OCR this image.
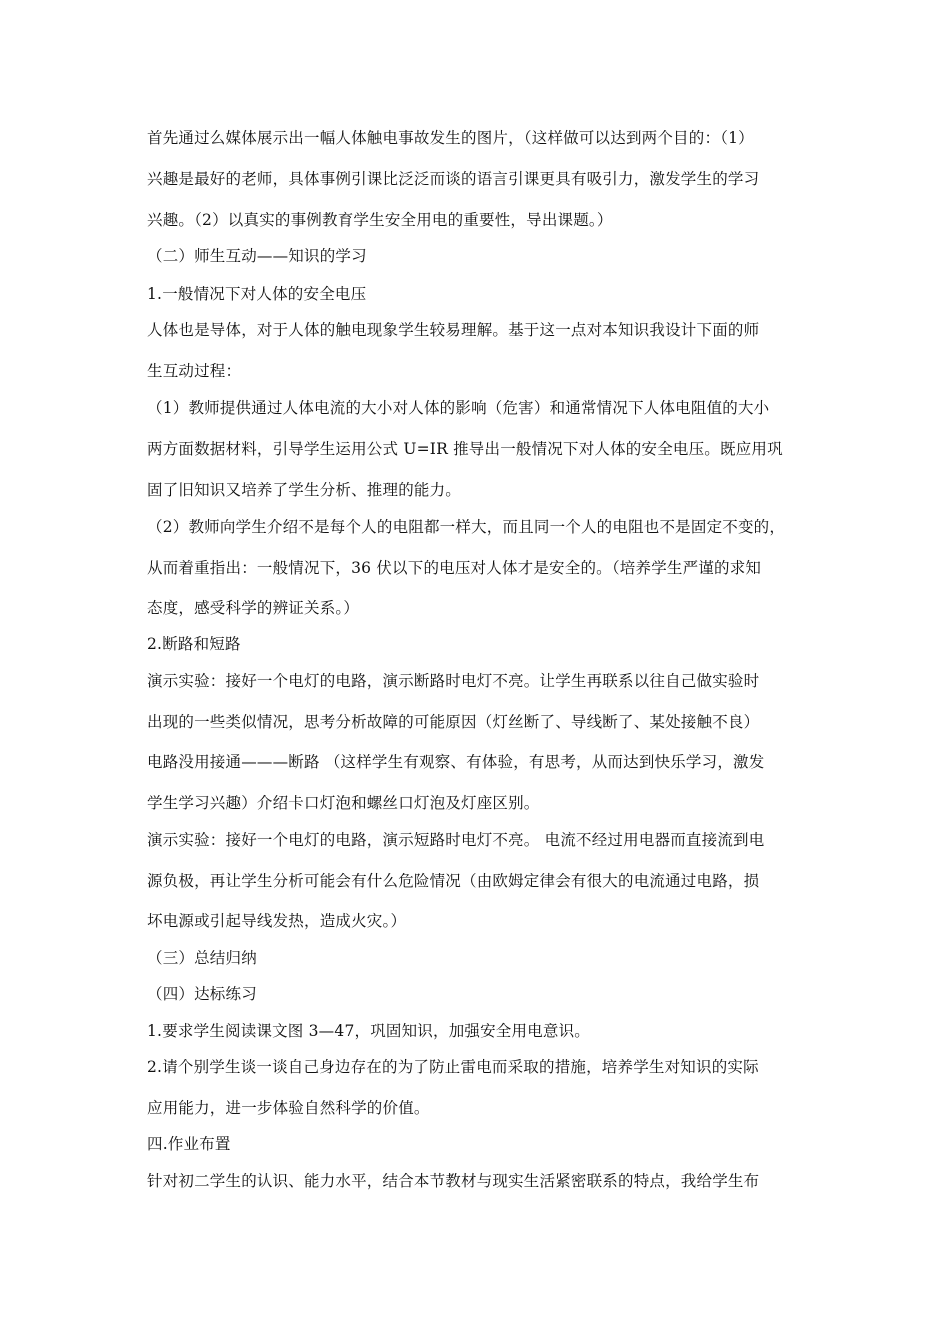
首先通过么媒体展示出一幅人体触电事故发生的图片，（这样做可以达到两个目的：（1）
兴趣是最好的老师，具体事例引课比泛泛而谈的语言引课更具有吸引力，激发学生的学习
兴趣。（2）以真实的事例教育学生安全用电的重要性，导出课题。）
（二）师生互动——知识的学习
1.一般情况下对人体的安全电压
人体也是导体，对于人体的触电现象学生较易理解。基于这一点对本知识我设计下面的师
生互动过程：
（1）教师提供通过人体电流的大小对人体的影响（危害）和通常情况下人体电阻值的大小
两方面数据材料，引导学生运用公式 U=IR 推导出一般情况下对人体的安全电压。既应用巩
固了旧知识又培养了学生分析、推理的能力。
（2）教师向学生介绍不是每个人的电阻都一样大，而且同一个人的电阻也不是固定不变的，
从而着重指出：一般情况下，36 伏以下的电压对人体才是安全的。（培养学生严谨的求知
态度，感受科学的辨证关系。）
2.断路和短路
演示实验：接好一个电灯的电路，演示断路时电灯不亮。让学生再联系以往自己做实验时
出现的一些类似情况，思考分析故障的可能原因（灯丝断了、导线断了、某处接触不良）
电路没用接通———断路 （这样学生有观察、有体验，有思考，从而达到快乐学习，激发
学生学习兴趣）介绍卡口灯泡和螺丝口灯泡及灯座区别。
演示实验：接好一个电灯的电路，演示短路时电灯不亮。 电流不经过用电器而直接流到电
源负极，再让学生分析可能会有什么危险情况（由欧姆定律会有很大的电流通过电路，损
坏电源或引起导线发热，造成火灾。）
（三）总结归纳
（四）达标练习
1.要求学生阅读课文图 3—47，巩固知识，加强安全用电意识。
2.请个别学生谈一谈自己身边存在的为了防止雷电而采取的措施，培养学生对知识的实际
应用能力，进一步体验自然科学的价值。
四.作业布置
针对初二学生的认识、能力水平，结合本节教材与现实生活紧密联系的特点，我给学生布
